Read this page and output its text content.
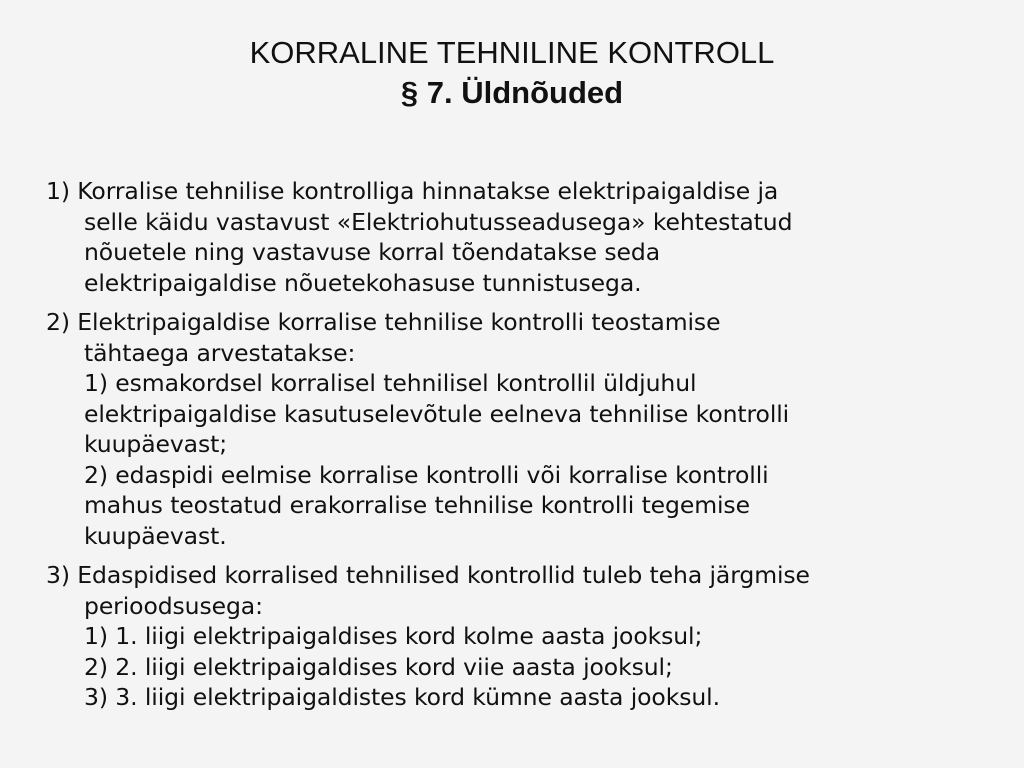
KORRALINE TEHNILINE KONTROLL
§ 7. Üldnõuded
1) Korralise tehnilise kontrolliga hinnatakse elektripaigaldise ja
selle käidu vastavust «Elektriohutusseadusega» kehtestatud
nõuetele ning vastavuse korral tõendatakse seda
elektripaigaldise nõuetekohasuse tunnistusega.
2) Elektripaigaldise korralise tehnilise kontrolli teostamise
tähtaega arvestatakse:
1) esmakordsel korralisel tehnilisel kontrollil üldjuhul
elektripaigaldise kasutuselevõtule eelneva tehnilise kontrolli
kuupäevast;
2) edaspidi eelmise korralise kontrolli või korralise kontrolli
mahus teostatud erakorralise tehnilise kontrolli tegemise
kuupäevast.
3) Edaspidised korralised tehnilised kontrollid tuleb teha järgmise
perioodsusega:
1) 1. liigi elektripaigaldises kord kolme aasta jooksul;
2) 2. liigi elektripaigaldises kord viie aasta jooksul;
3) 3. liigi elektripaigaldistes kord kümne aasta jooksul.
